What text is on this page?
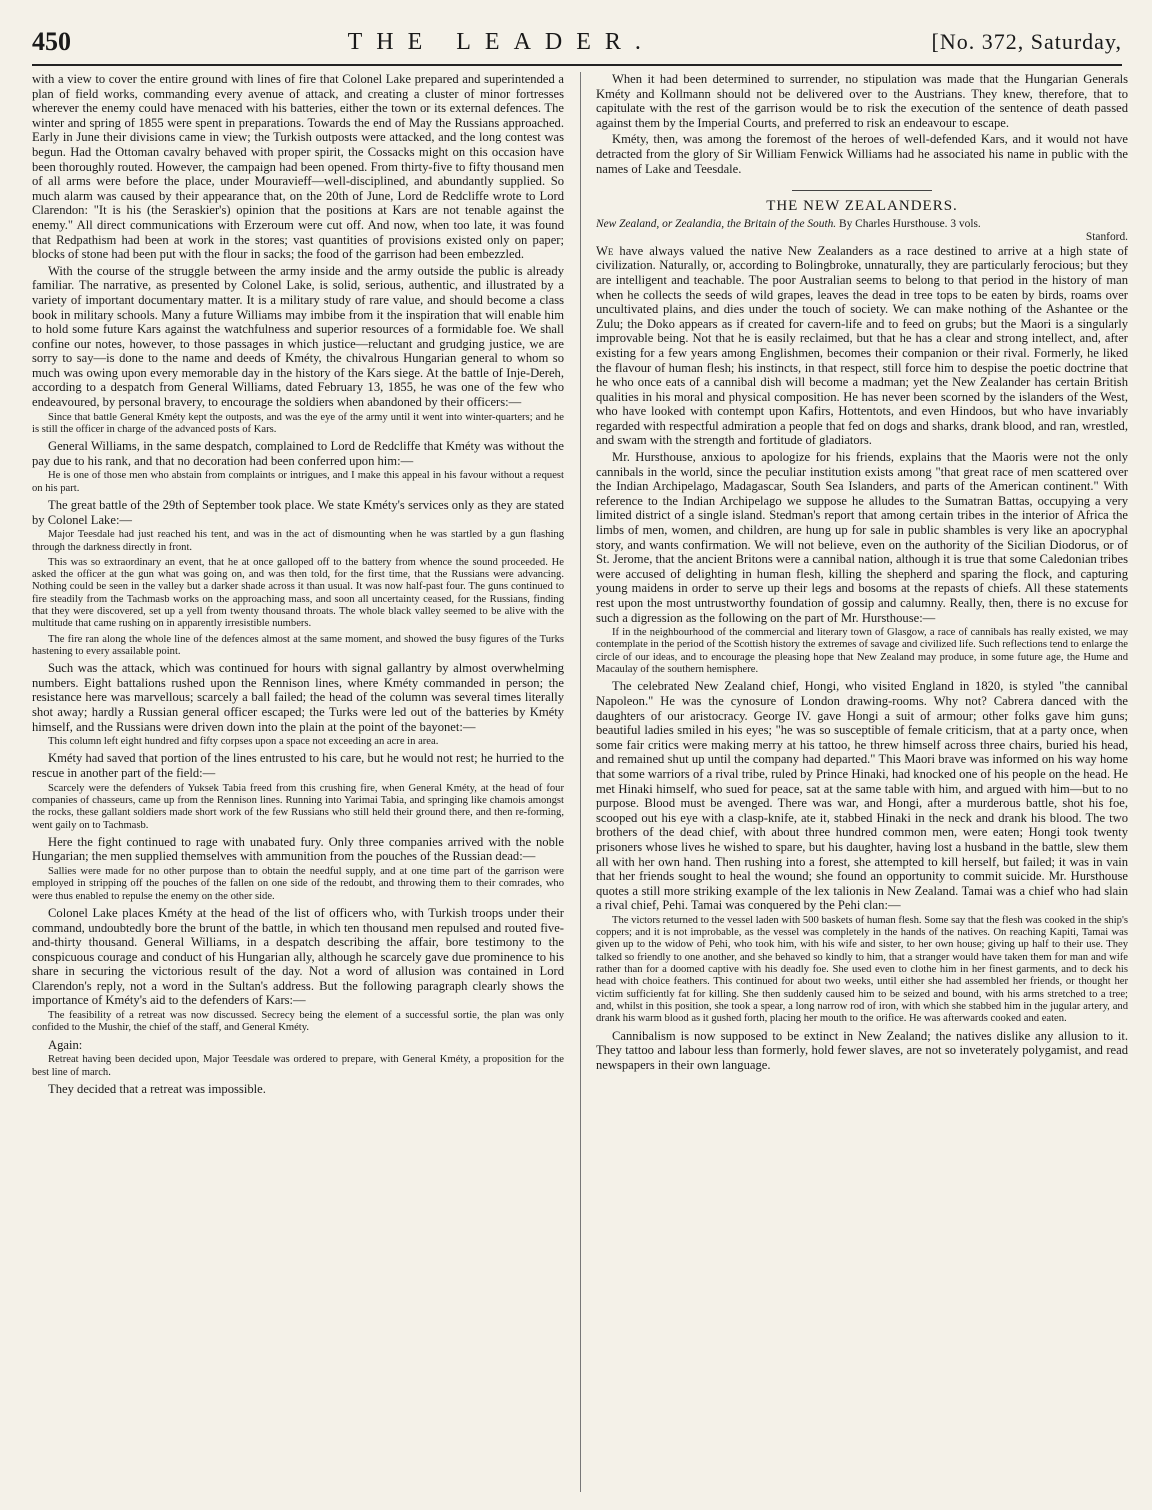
450	THE LEADER.	[No. 372, Saturday,

with a view to cover the entire ground with lines of fire that Colonel Lake prepared and superintended a plan of field works, commanding every avenue of attack, and creating a cluster of minor fortresses wherever the enemy could have menaced with his batteries, either the town or its external defences. The winter and spring of 1855 were spent in preparations. Towards the end of May the Russians approached. Early in June their divisions came in view; the Turkish outposts were attacked, and the long contest was begun. Had the Ottoman cavalry behaved with proper spirit, the Cossacks might on this occasion have been thoroughly routed. However, the campaign had been opened. From thirty-five to fifty thousand men of all arms were before the place, under Mouravieff—well-disciplined, and abundantly supplied. So much alarm was caused by their appearance that, on the 20th of June, Lord de Redcliffe wrote to Lord Clarendon: "It is his (the Seraskier's) opinion that the positions at Kars are not tenable against the enemy." All direct communications with Erzeroum were cut off. And now, when too late, it was found that Redpathism had been at work in the stores; vast quantities of provisions existed only on paper; blocks of stone had been put with the flour in sacks; the food of the garrison had been embezzled.

With the course of the struggle between the army inside and the army outside the public is already familiar. The narrative, as presented by Colonel Lake, is solid, serious, authentic, and illustrated by a variety of important documentary matter. It is a military study of rare value, and should become a class book in military schools. Many a future Williams may imbibe from it the inspiration that will enable him to hold some future Kars against the watchfulness and superior resources of a formidable foe. We shall confine our notes, however, to those passages in which justice—reluctant and grudging justice, we are sorry to say—is done to the name and deeds of Kméty, the chivalrous Hungarian general to whom so much was owing upon every memorable day in the history of the Kars siege. At the battle of Inje-Dereh, according to a despatch from General Williams, dated February 13, 1855, he was one of the few who endeavoured, by personal bravery, to encourage the soldiers when abandoned by their officers:—

Since that battle General Kméty kept the outposts, and was the eye of the army until it went into winter-quarters; and he is still the officer in charge of the advanced posts of Kars.

General Williams, in the same despatch, complained to Lord de Redcliffe that Kméty was without the pay due to his rank, and that no decoration had been conferred upon him:—

He is one of those men who abstain from complaints or intrigues, and I make this appeal in his favour without a request on his part.

The great battle of the 29th of September took place. We state Kméty's services only as they are stated by Colonel Lake:—

Major Teesdale had just reached his tent, and was in the act of dismounting when he was startled by a gun flashing through the darkness directly in front.

This was so extraordinary an event, that he at once galloped off to the battery from whence the sound proceeded. He asked the officer at the gun what was going on, and was then told, for the first time, that the Russians were advancing. Nothing could be seen in the valley but a darker shade across it than usual. It was now half-past four. The guns continued to fire steadily from the Tachmasb works on the approaching mass, and soon all uncertainty ceased, for the Russians, finding that they were discovered, set up a yell from twenty thousand throats. The whole black valley seemed to be alive with the multitude that came rushing on in apparently irresistible numbers.

The fire ran along the whole line of the defences almost at the same moment, and showed the busy figures of the Turks hastening to every assailable point.

Such was the attack, which was continued for hours with signal gallantry by almost overwhelming numbers. Eight battalions rushed upon the Rennison lines, where Kméty commanded in person; the resistance here was marvellous; scarcely a ball failed; the head of the column was several times literally shot away; hardly a Russian general officer escaped; the Turks were led out of the batteries by Kméty himself, and the Russians were driven down into the plain at the point of the bayonet:—

This column left eight hundred and fifty corpses upon a space not exceeding an acre in area.

Kméty had saved that portion of the lines entrusted to his care, but he would not rest; he hurried to the rescue in another part of the field:—

Scarcely were the defenders of Yuksek Tabia freed from this crushing fire, when General Kméty, at the head of four companies of chasseurs, came up from the Rennison lines. Running into Yarimai Tabia, and springing like chamois amongst the rocks, these gallant soldiers made short work of the few Russians who still held their ground there, and then re-forming, went gaily on to Tachmasb.

Here the fight continued to rage with unabated fury. Only three companies arrived with the noble Hungarian; the men supplied themselves with ammunition from the pouches of the Russian dead:—

Sallies were made for no other purpose than to obtain the needful supply, and at one time part of the garrison were employed in stripping off the pouches of the fallen on one side of the redoubt, and throwing them to their comrades, who were thus enabled to repulse the enemy on the other side.

Colonel Lake places Kméty at the head of the list of officers who, with Turkish troops under their command, undoubtedly bore the brunt of the battle, in which ten thousand men repulsed and routed five-and-thirty thousand. General Williams, in a despatch describing the affair, bore testimony to the conspicuous courage and conduct of his Hungarian ally, although he scarcely gave due prominence to his share in securing the victorious result of the day. Not a word of allusion was contained in Lord Clarendon's reply, not a word in the Sultan's address. But the following paragraph clearly shows the importance of Kméty's aid to the defenders of Kars:—

The feasibility of a retreat was now discussed. Secrecy being the element of a successful sortie, the plan was only confided to the Mushir, the chief of the staff, and General Kméty.

Again:

Retreat having been decided upon, Major Teesdale was ordered to prepare, with General Kméty, a proposition for the best line of march.

They decided that a retreat was impossible.

When it had been determined to surrender, no stipulation was made that the Hungarian Generals Kméty and Kollmann should not be delivered over to the Austrians. They knew, therefore, that to capitulate with the rest of the garrison would be to risk the execution of the sentence of death passed against them by the Imperial Courts, and preferred to risk an endeavour to escape.

Kméty, then, was among the foremost of the heroes of well-defended Kars, and it would not have detracted from the glory of Sir William Fenwick Williams had he associated his name in public with the names of Lake and Teesdale.

THE NEW ZEALANDERS.
New Zealand, or Zealandia, the Britain of the South. By Charles Hursthouse. 3 vols.
Stanford.

We have always valued the native New Zealanders as a race destined to arrive at a high state of civilization. Naturally, or, according to Bolingbroke, unnaturally, they are particularly ferocious; but they are intelligent and teachable. The poor Australian seems to belong to that period in the history of man when he collects the seeds of wild grapes, leaves the dead in tree tops to be eaten by birds, roams over uncultivated plains, and dies under the touch of society. We can make nothing of the Ashantee or the Zulu; the Doko appears as if created for cavern-life and to feed on grubs; but the Maori is a singularly improvable being. Not that he is easily reclaimed, but that he has a clear and strong intellect, and, after existing for a few years among Englishmen, becomes their companion or their rival. Formerly, he liked the flavour of human flesh; his instincts, in that respect, still force him to despise the poetic doctrine that he who once eats of a cannibal dish will become a madman; yet the New Zealander has certain British qualities in his moral and physical composition. He has never been scorned by the islanders of the West, who have looked with contempt upon Kafirs, Hottentots, and even Hindoos, but who have invariably regarded with respectful admiration a people that fed on dogs and sharks, drank blood, and ran, wrestled, and swam with the strength and fortitude of gladiators.

Mr. Hursthouse, anxious to apologize for his friends, explains that the Maoris were not the only cannibals in the world, since the peculiar institution exists among "that great race of men scattered over the Indian Archipelago, Madagascar, South Sea Islanders, and parts of the American continent." With reference to the Indian Archipelago we suppose he alludes to the Sumatran Battas, occupying a very limited district of a single island. Stedman's report that among certain tribes in the interior of Africa the limbs of men, women, and children, are hung up for sale in public shambles is very like an apocryphal story, and wants confirmation. We will not believe, even on the authority of the Sicilian Diodorus, or of St. Jerome, that the ancient Britons were a cannibal nation, although it is true that some Caledonian tribes were accused of delighting in human flesh, killing the shepherd and sparing the flock, and capturing young maidens in order to serve up their legs and bosoms at the repasts of chiefs. All these statements rest upon the most untrustworthy foundation of gossip and calumny. Really, then, there is no excuse for such a digression as the following on the part of Mr. Hursthouse:—

If in the neighbourhood of the commercial and literary town of Glasgow, a race of cannibals has really existed, we may contemplate in the period of the Scottish history the extremes of savage and civilized life. Such reflections tend to enlarge the circle of our ideas, and to encourage the pleasing hope that New Zealand may produce, in some future age, the Hume and Macaulay of the southern hemisphere.

The celebrated New Zealand chief, Hongi, who visited England in 1820, is styled "the cannibal Napoleon." He was the cynosure of London drawing-rooms. Why not? Cabrera danced with the daughters of our aristocracy. George IV. gave Hongi a suit of armour; other folks gave him guns; beautiful ladies smiled in his eyes; "he was so susceptible of female criticism, that at a party once, when some fair critics were making merry at his tattoo, he threw himself across three chairs, buried his head, and remained shut up until the company had departed." This Maori brave was informed on his way home that some warriors of a rival tribe, ruled by Prince Hinaki, had knocked one of his people on the head. He met Hinaki himself, who sued for peace, sat at the same table with him, and argued with him—but to no purpose. Blood must be avenged. There was war, and Hongi, after a murderous battle, shot his foe, scooped out his eye with a clasp-knife, ate it, stabbed Hinaki in the neck and drank his blood. The two brothers of the dead chief, with about three hundred common men, were eaten; Hongi took twenty prisoners whose lives he wished to spare, but his daughter, having lost a husband in the battle, slew them all with her own hand. Then rushing into a forest, she attempted to kill herself, but failed; it was in vain that her friends sought to heal the wound; she found an opportunity to commit suicide. Mr. Hursthouse quotes a still more striking example of the lex talionis in New Zealand. Tamai was a chief who had slain a rival chief, Pehi. Tamai was conquered by the Pehi clan:—

The victors returned to the vessel laden with 500 baskets of human flesh. Some say that the flesh was cooked in the ship's coppers; and it is not improbable, as the vessel was completely in the hands of the natives. On reaching Kapiti, Tamai was given up to the widow of Pehi, who took him, with his wife and sister, to her own house; giving up half to their use. They talked so friendly to one another, and she behaved so kindly to him, that a stranger would have taken them for man and wife rather than for a doomed captive with his deadly foe. She used even to clothe him in her finest garments, and to deck his head with choice feathers. This continued for about two weeks, until either she had assembled her friends, or thought her victim sufficiently fat for killing. She then suddenly caused him to be seized and bound, with his arms stretched to a tree; and, whilst in this position, she took a spear, a long narrow rod of iron, with which she stabbed him in the jugular artery, and drank his warm blood as it gushed forth, placing her mouth to the orifice. He was afterwards cooked and eaten.

Cannibalism is now supposed to be extinct in New Zealand; the natives dislike any allusion to it. They tattoo and labour less than formerly, hold fewer slaves, are not so inveterately polygamist, and read newspapers in their own language.
